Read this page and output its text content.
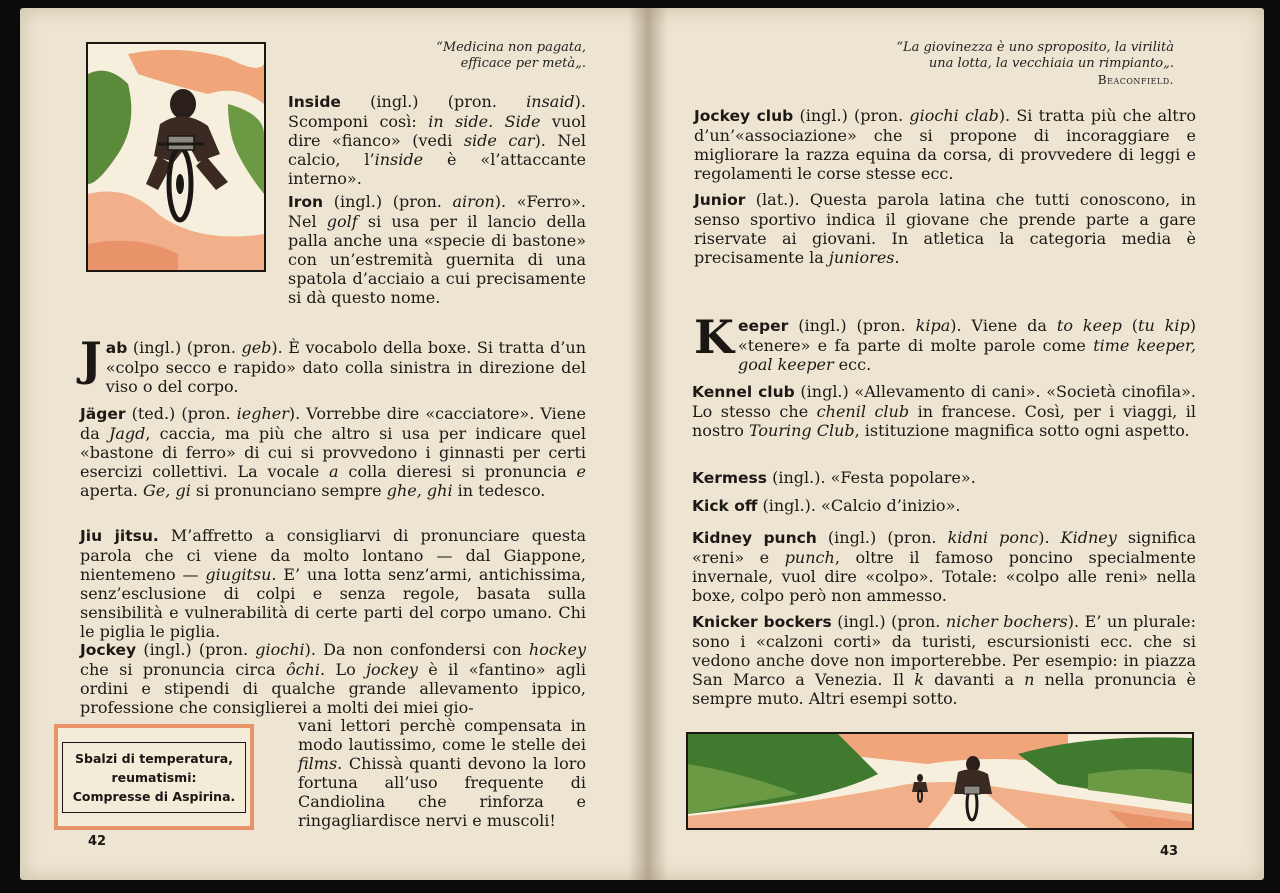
“Medicina non pagata,
efficace per metà„.
Inside (ingl.) (pron. insaid). Scomponi così: in side. Side vuol dire «fianco» (vedi side car). Nel calcio, l’inside è «l’attaccante interno».
Iron (ingl.) (pron. airon). «Ferro». Nel golf si usa per il lancio della palla anche una «specie di bastone» con un’estremità guernita di una spatola d’acciaio a cui precisamente si dà questo nome.
Jab (ingl.) (pron. geb). È vocabolo della boxe. Si tratta d’un «colpo secco e rapido» dato colla sinistra in direzione del viso o del corpo.
Jäger (ted.) (pron. iegher). Vorrebbe dire «cacciatore». Viene da Jagd, caccia, ma più che altro si usa per indicare quel «bastone di ferro» di cui si provvedono i ginnasti per certi esercizi collettivi. La vocale a colla dieresi si pronuncia e aperta. Ge, gi si pronunciano sempre ghe, ghi in tedesco.
Jiu jitsu. M’affretto a consigliarvi di pronunciare questa parola che ci viene da molto lontano — dal Giappone, nientemeno — giugitsu. E’ una lotta senz’armi, antichissima, senz’esclusione di colpi e senza regole, basata sulla sensibilità e vulnerabilità di certe parti del corpo umano. Chi le piglia le piglia.
Jockey (ingl.) (pron. giochi). Da non confondersi con hockey che si pronuncia circa ôchi. Lo jockey è il «fantino» agli ordini e stipendi di qualche grande allevamento ippico, professione che consiglierei a molti dei miei gio-
vani lettori perchè compensata in modo lautissimo, come le stelle dei films. Chissà quanti devono la loro fortuna all’uso frequente di Candiolina che rinforza e ringagliardisce nervi e muscoli!
Sbalzi di temperatura,
reumatismi:
Compresse di Aspirina.
42
“La giovinezza è uno sproposito, la virilità
una lotta, la vecchiaia un rimpianto„.
Beaconfield.
Jockey club (ingl.) (pron. giochi clab). Si tratta più che altro d’un’«associazione» che si propone di incoraggiare e migliorare la razza equina da corsa, di provvedere di leggi e regolamenti le corse stesse ecc.
Junior (lat.). Questa parola latina che tutti conoscono, in senso sportivo indica il giovane che prende parte a gare riservate ai giovani. In atletica la categoria media è precisamente la juniores.
Keeper (ingl.) (pron. kipa). Viene da to keep (tu kip) «tenere» e fa parte di molte parole come time keeper, goal keeper ecc.
Kennel club (ingl.) «Allevamento di cani». «Società cinofila». Lo stesso che chenil club in francese. Così, per i viaggi, il nostro Touring Club, istituzione magnifica sotto ogni aspetto.
Kermess (ingl.). «Festa popolare».
Kick off (ingl.). «Calcio d’inizio».
Kidney punch (ingl.) (pron. kidni ponc). Kidney significa «reni» e punch, oltre il famoso poncino specialmente invernale, vuol dire «colpo». Totale: «colpo alle reni» nella boxe, colpo però non ammesso.
Knicker bockers (ingl.) (pron. nicher bochers). E’ un plurale: sono i «calzoni corti» da turisti, escursionisti ecc. che si vedono anche dove non importerebbe. Per esempio: in piazza San Marco a Venezia. Il k davanti a n nella pronuncia è sempre muto. Altri esempi sotto.
43
